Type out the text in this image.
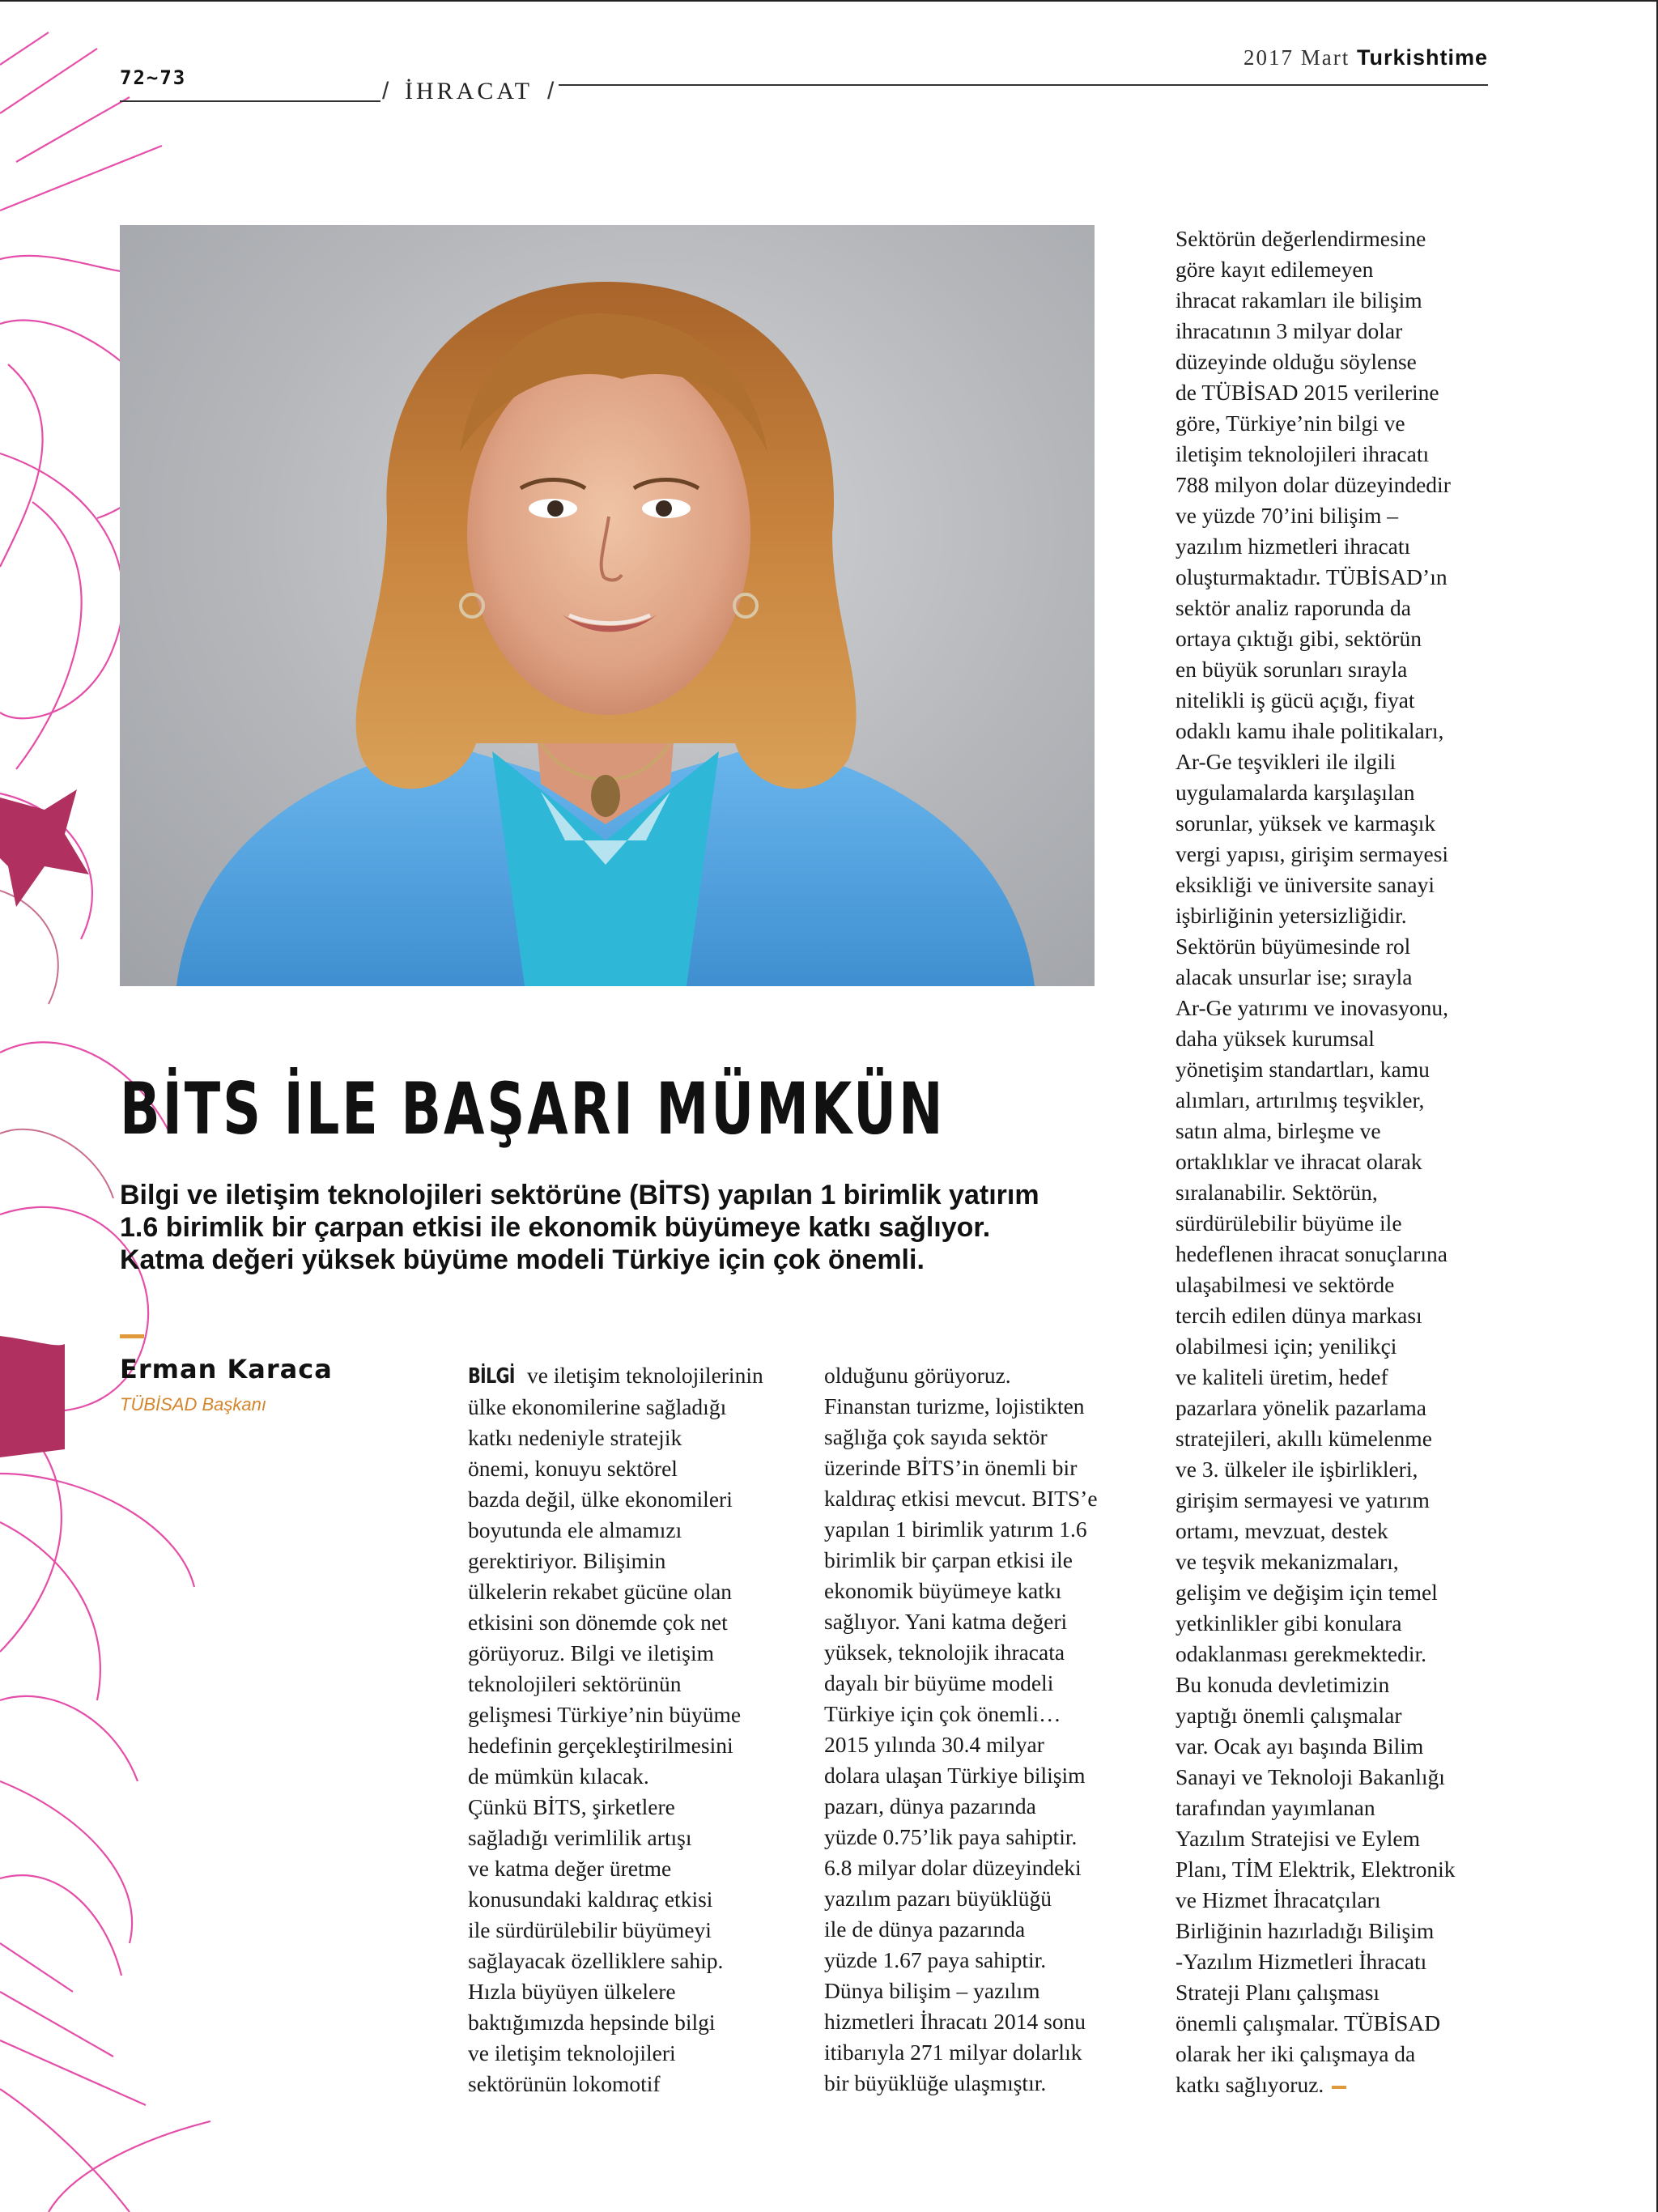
72~73	/ İHRACAT /
2017 Mart Turkishtime
BİTS İLE BAŞARI MÜMKÜN

Bilgi ve iletişim teknolojileri sektörüne (BİTS) yapılan 1 birimlik yatırım

1.6 birimlik bir çarpan etkisi ile ekonomik büyümeye katkı sağlıyor.

Katma değeri yüksek büyüme modeli Türkiye için çok önemli.

Erman Karaca
TÜBİSAD Başkanı
BİLGİ ve iletişim teknolojilerinin
ülke ekonomilerine sağladığı
katkı nedeniyle stratejik
önemi, konuyu sektörel
bazda değil, ülke ekonomileri
boyutunda ele almamızı
gerektiriyor. Bilişimin
ülkelerin rekabet gücüne olan
etkisini son dönemde çok net
görüyoruz. Bilgi ve iletişim
teknolojileri sektörünün
gelişmesi Türkiye’nin büyüme
hedefinin gerçekleştirilmesini
de mümkün kılacak.
Çünkü BİTS, şirketlere
sağladığı verimlilik artışı
ve katma değer üretme
konusundaki kaldıraç etkisi
ile sürdürülebilir büyümeyi
sağlayacak özelliklere sahip.
Hızla büyüyen ülkelere
baktığımızda hepsinde bilgi
ve iletişim teknolojileri
sektörünün lokomotif
olduğunu görüyoruz.
Finanstan turizme, lojistikten
sağlığa çok sayıda sektör
üzerinde BİTS’in önemli bir
kaldıraç etkisi mevcut. BITS’e
yapılan 1 birimlik yatırım 1.6
birimlik bir çarpan etkisi ile
ekonomik büyümeye katkı
sağlıyor. Yani katma değeri
yüksek, teknolojik ihracata
dayalı bir büyüme modeli
Türkiye için çok önemli…
2015 yılında 30.4 milyar
dolara ulaşan Türkiye bilişim
pazarı, dünya pazarında
yüzde 0.75’lik paya sahiptir.
6.8 milyar dolar düzeyindeki
yazılım pazarı büyüklüğü
ile de dünya pazarında
yüzde 1.67 paya sahiptir.
Dünya bilişim – yazılım
hizmetleri İhracatı 2014 sonu
itibarıyla 271 milyar dolarlık
bir büyüklüğe ulaşmıştır.
Sektörün değerlendirmesine
göre kayıt edilemeyen
ihracat rakamları ile bilişim
ihracatının 3 milyar dolar
düzeyinde olduğu söylense
de TÜBİSAD 2015 verilerine
göre, Türkiye’nin bilgi ve
iletişim teknolojileri ihracatı
788 milyon dolar düzeyindedir
ve yüzde 70’ini bilişim –
yazılım hizmetleri ihracatı
oluşturmaktadır. TÜBİSAD’ın
sektör analiz raporunda da
ortaya çıktığı gibi, sektörün
en büyük sorunları sırayla
nitelikli iş gücü açığı, fiyat
odaklı kamu ihale politikaları,
Ar-Ge teşvikleri ile ilgili
uygulamalarda karşılaşılan
sorunlar, yüksek ve karmaşık
vergi yapısı, girişim sermayesi
eksikliği ve üniversite sanayi
işbirliğinin yetersizliğidir.
Sektörün büyümesinde rol
alacak unsurlar ise; sırayla
Ar-Ge yatırımı ve inovasyonu,
daha yüksek kurumsal
yönetişim standartları, kamu
alımları, artırılmış teşvikler,
satın alma, birleşme ve
ortaklıklar ve ihracat olarak
sıralanabilir. Sektörün,
sürdürülebilir büyüme ile
hedeflenen ihracat sonuçlarına
ulaşabilmesi ve sektörde
tercih edilen dünya markası
olabilmesi için; yenilikçi
ve kaliteli üretim, hedef
pazarlara yönelik pazarlama
stratejileri, akıllı kümelenme
ve 3. ülkeler ile işbirlikleri,
girişim sermayesi ve yatırım
ortamı, mevzuat, destek
ve teşvik mekanizmaları,
gelişim ve değişim için temel
yetkinlikler gibi konulara
odaklanması gerekmektedir.
Bu konuda devletimizin
yaptığı önemli çalışmalar
var. Ocak ayı başında Bilim
Sanayi ve Teknoloji Bakanlığı
tarafından yayımlanan
Yazılım Stratejisi ve Eylem
Planı, TİM Elektrik, Elektronik
ve Hizmet İhracatçıları
Birliğinin hazırladığı Bilişim
-Yazılım Hizmetleri İhracatı
Strateji Planı çalışması
önemli çalışmalar. TÜBİSAD
olarak her iki çalışmaya da
katkı sağlıyoruz.
